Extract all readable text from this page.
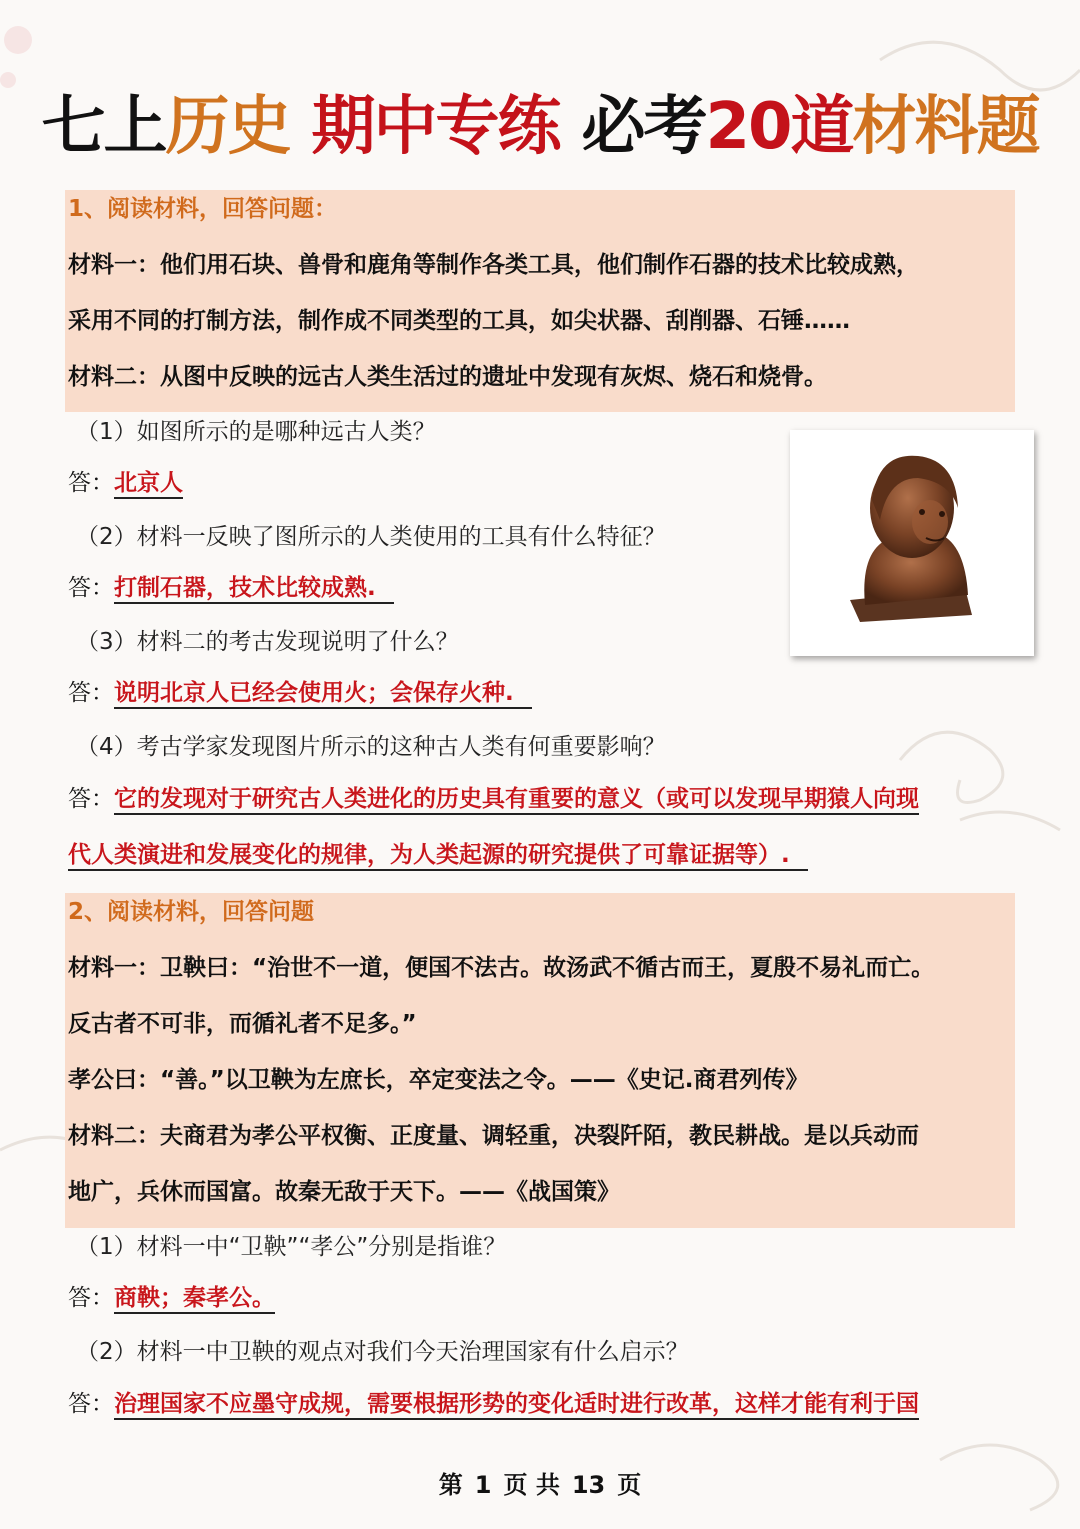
七上历史 期中专练 必考20道材料题
1、阅读材料，回答问题：
材料一：他们用石块、兽骨和鹿角等制作各类工具，他们制作石器的技术比较成熟，
采用不同的打制方法，制作成不同类型的工具，如尖状器、刮削器、石锤……
材料二：从图中反映的远古人类生活过的遗址中发现有灰烬、烧石和烧骨。
（1）如图所示的是哪种远古人类？
答：北京人
（2）材料一反映了图所示的人类使用的工具有什么特征？
答：打制石器，技术比较成熟.
（3）材料二的考古发现说明了什么？
答：说明北京人已经会使用火；会保存火种.
（4）考古学家发现图片所示的这种古人类有何重要影响？
答：它的发现对于研究古人类进化的历史具有重要的意义（或可以发现早期猿人向现
代人类演进和发展变化的规律，为人类起源的研究提供了可靠证据等）.
2、阅读材料，回答问题
材料一：卫鞅曰：“治世不一道，便国不法古。故汤武不循古而王，夏殷不易礼而亡。
反古者不可非，而循礼者不足多。”
孝公曰：“善。”以卫鞅为左庶长，卒定变法之令。——《史记.商君列传》
材料二：夫商君为孝公平权衡、正度量、调轻重，决裂阡陌，教民耕战。是以兵动而
地广，兵休而国富。故秦无敌于天下。——《战国策》
（1）材料一中“卫鞅”“孝公”分别是指谁？
答：商鞅；秦孝公。
（2）材料一中卫鞅的观点对我们今天治理国家有什么启示？
答：治理国家不应墨守成规，需要根据形势的变化适时进行改革，这样才能有利于国
第 1 页 共 13 页
